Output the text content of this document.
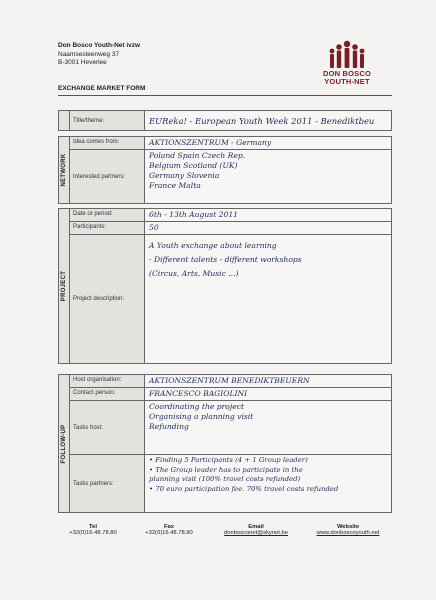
Don Bosco Youth-Net ivzw
Naamsesteenweg 37
B-3001 Heverlee
DON BOSCO
YOUTH-NET
EXCHANGE MARKET FORM
	Title/theme:	EUReka! - European Youth Week 2011 - Benediktbeu
NETWORK	Idea comes from:	AKTIONSZENTRUM - Germany
	Interested partners:	Poland Spain Czech Rep.
Belgium Scotland (UK)
Germany Slovenia
France Malta
PROJECT	Date or period:	6th - 13th August 2011
	Participants:	50
	Project description:	A Youth exchange about learning
- Different talents - different workshops
(Circus, Arts, Music ...)
FOLLOW-UP	Host organisation:	AKTIONSZENTRUM BENEDIKTBEUERN
	Contact person:	FRANCESCO BAGIOLINI
	Tasks host:	Coordinating the project
Organising a planning visit
Refunding

	Tasks partners:	• Finding 5 Participants (4 + 1 Group leader)
• The Group leader has to participate in the
planning visit (100% travel costs refunded)
• 70 euro participation fee. 70% travel costs refunded
Tel
+32(0)16.48.78.80
Fax
+32(0)16.48.78.90
Email
donbosconet@skynet.be
Website
www.donboscoyouth.net
